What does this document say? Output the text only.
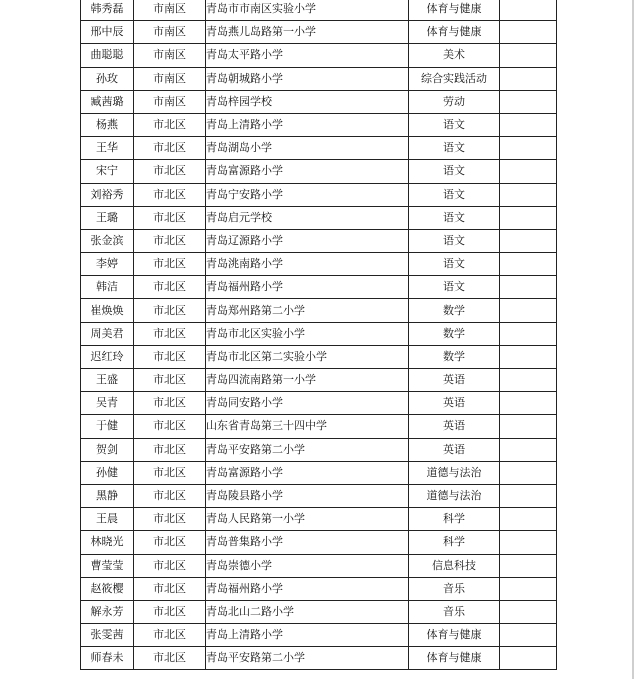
韩秀磊	市南区	青岛市市南区实验小学	体育与健康	
邢中辰	市南区	青岛燕儿岛路第一小学	体育与健康	
曲聪聪	市南区	青岛太平路小学	美术	
孙玫	市南区	青岛朝城路小学	综合实践活动	
臧茜璐	市南区	青岛梓园学校	劳动	
杨燕	市北区	青岛上清路小学	语文	
王华	市北区	青岛湖岛小学	语文	
宋宁	市北区	青岛富源路小学	语文	
刘裕秀	市北区	青岛宁安路小学	语文	
王璐	市北区	青岛启元学校	语文	
张金滨	市北区	青岛辽源路小学	语文	
李婷	市北区	青岛洮南路小学	语文	
韩洁	市北区	青岛福州路小学	语文	
崔焕焕	市北区	青岛郑州路第二小学	数学	
周美君	市北区	青岛市北区实验小学	数学	
迟红玲	市北区	青岛市北区第二实验小学	数学	
王盛	市北区	青岛四流南路第一小学	英语	
吴青	市北区	青岛同安路小学	英语	
于健	市北区	山东省青岛第三十四中学	英语	
贺剑	市北区	青岛平安路第二小学	英语	
孙健	市北区	青岛富源路小学	道德与法治	
黑静	市北区	青岛陵县路小学	道德与法治	
王晨	市北区	青岛人民路第一小学	科学	
林晓光	市北区	青岛普集路小学	科学	
曹莹莹	市北区	青岛崇德小学	信息科技	
赵筱樱	市北区	青岛福州路小学	音乐	
解永芳	市北区	青岛北山二路小学	音乐	
张雯茜	市北区	青岛上清路小学	体育与健康	
师春未	市北区	青岛平安路第二小学	体育与健康	
